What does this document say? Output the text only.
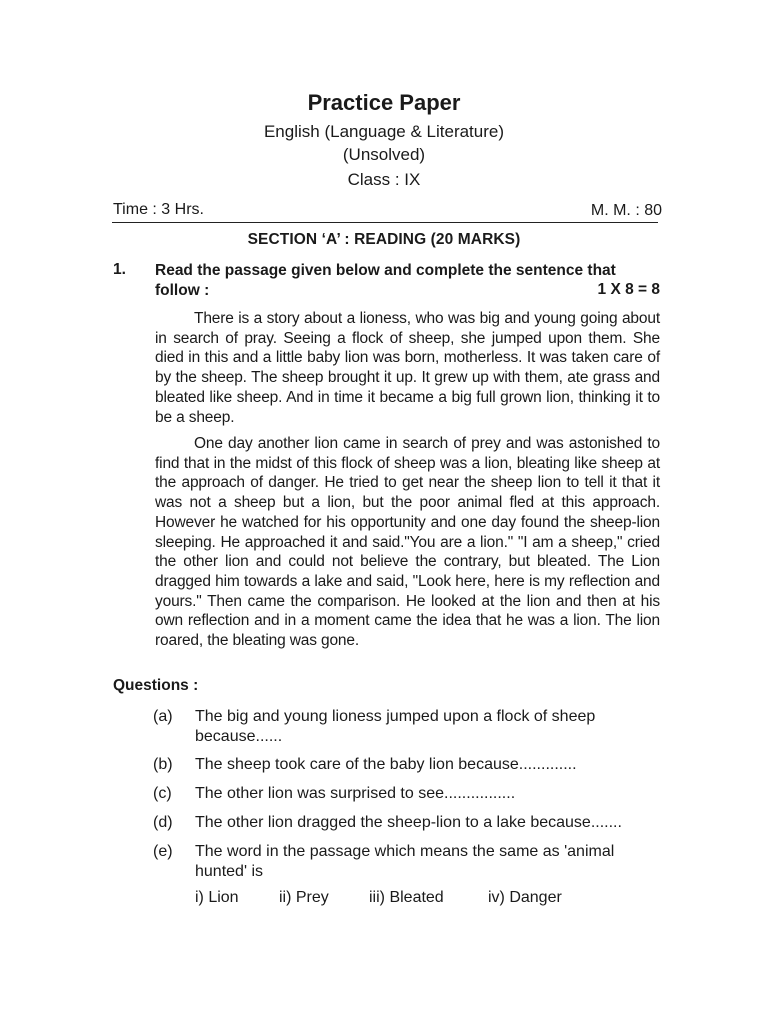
Practice Paper
English (Language & Literature)
(Unsolved)
Class : IX
Time : 3 Hrs.	M. M. : 80
SECTION ‘A’ : READING (20 MARKS)
1. Read the passage given below and complete the sentence that follow :	1 X 8 = 8

There is a story about a lioness, who was big and young going about in search of pray. Seeing a flock of sheep, she jumped upon them. She died in this and a little baby lion was born, motherless. It was taken care of by the sheep. The sheep brought it up. It grew up with them, ate grass and bleated like sheep. And in time it became a big full grown lion, thinking it to be a sheep.

One day another lion came in search of prey and was astonished to find that in the midst of this flock of sheep was a lion, bleating like sheep at the approach of danger. He tried to get near the sheep lion to tell it that it was not a sheep but a lion, but the poor animal fled at this approach. However he watched for his opportunity and one day found the sheep-lion sleeping. He approached it and said."You are a lion." "I am a sheep," cried the other lion and could not believe the contrary, but bleated. The Lion dragged him towards a lake and said, "Look here, here is my reflection and yours." Then came the comparison. He looked at the lion and then at his own reflection and in a moment came the idea that he was a lion. The lion roared, the bleating was gone.

Questions :
(a)	The big and young lioness jumped upon a flock of sheep because......
(b)	The sheep took care of the baby lion because.............
(c)	The other lion was surprised to see................
(d)	The other lion dragged the sheep-lion to a lake because.......
(e)	The word in the passage which means the same as 'animal hunted' is
i) Lion	ii) Prey	iii) Bleated	iv) Danger
